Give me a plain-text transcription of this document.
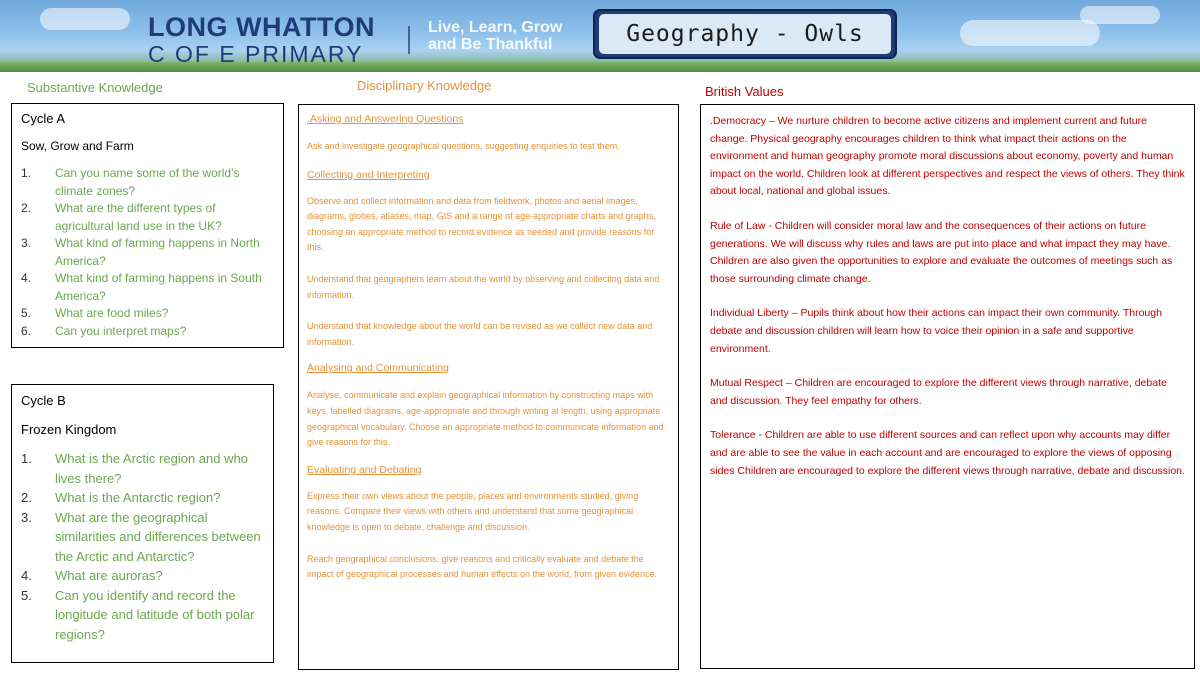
LONG WHATTON
C OF E PRIMARY
Live, Learn, Grow
and Be Thankful	Geography - Owls
Substantive Knowledge	Disciplinary Knowledge	British Values
Cycle A
Sow, Grow and Farm
1.	Can you name some of the world’s climate zones?
2.	What are the different types of agricultural land use in the UK?
3.	What kind of farming happens in North America?
4.	What kind of farming happens in South America?
5.	What are food miles?
6.	Can you interpret maps?
Cycle B
Frozen Kingdom
1.	What is the Arctic region and who lives there?
2.	What is the Antarctic region?
3.	What are the geographical similarities and differences between the Arctic and Antarctic?
4.	What are auroras?
5.	Can you identify and record the longitude and latitude of both polar regions?
.Asking and Answering Questions
Ask and investigate geographical questions, suggesting enquiries to test them.
Collecting and Interpreting
Observe and collect information and data from fieldwork, photos and aerial images, diagrams, globes, atlases, map, GIS and a range of age-appropriate charts and graphs, choosing an appropriate method to record evidence as needed and provide reasons for this.
Understand that geographers learn about the world by observing and collecting data and information.
Understand that knowledge about the world can be revised as we collect new data and information.
Analysing and Communicating
Analyse, communicate and explain geographical information by constructing maps with keys, labelled diagrams, age-appropriate and through writing at length, using appropriate geographical vocabulary. Choose an appropriate method to communicate information and give reasons for this.
Evaluating and Debating
Express their own views about the people, places and environments studied, giving reasons. Compare their views with others and understand that some geographical knowledge is open to debate, challenge and discussion.
Reach geographical conclusions, give reasons and critically evaluate and debate the impact of geographical processes and human effects on the world, from given evidence.
.Democracy – We nurture children to become active citizens and implement current and future change. Physical geography encourages children to think what impact their actions on the environment and human geography promote moral discussions about economy, poverty and human impact on the world. Children look at different perspectives and respect the views of others. They think about local, national and global issues.
Rule of Law - Children will consider moral law and the consequences of their actions on future generations. We will discuss why rules and laws are put into place and what impact they may have. Children are also given the opportunities to explore and evaluate the outcomes of meetings such as those surrounding climate change.
Individual Liberty – Pupils think about how their actions can impact their own community. Through debate and discussion children will learn how to voice their opinion in a safe and supportive environment.
Mutual Respect – Children are encouraged to explore the different views through narrative, debate and discussion. They feel empathy for others.
Tolerance - Children are able to use different sources and can reflect upon why accounts may differ and are able to see the value in each account and are encouraged to explore the views of opposing sides Children are encouraged to explore the different views through narrative, debate and discussion.
